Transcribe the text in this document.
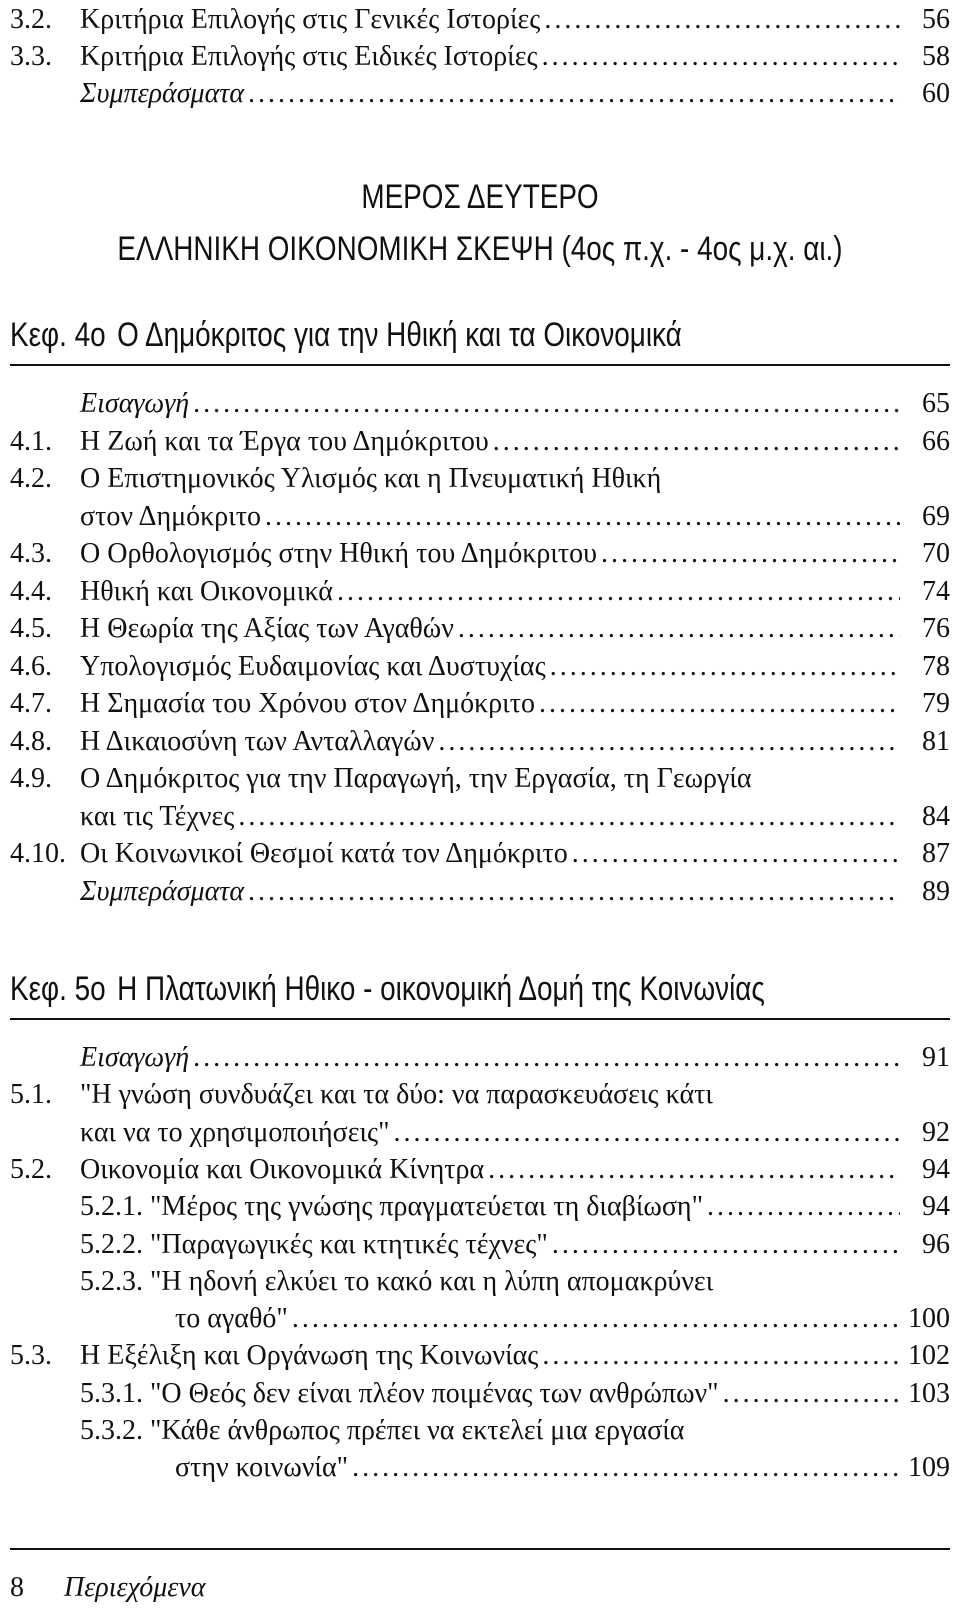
3.2. Κριτήρια Επιλογής στις Γενικές Ιστορίες . . .	56
3.3. Κριτήρια Επιλογής στις Ειδικές Ιστορίες . . .	58
Συμπεράσματα . . .	60
ΜΕΡΟΣ ΔΕΥΤΕΡΟ
ΕΛΛΗΝΙΚΗ ΟΙΚΟΝΟΜΙΚΗ ΣΚΕΨΗ (4ος π.χ. - 4ος μ.χ. αι.)
Κεφ. 4ο Ο Δημόκριτος για την Ηθική και τα Οικονομικά
Εισαγωγή . . .	65
4.1. Η Ζωή και τα Έργα του Δημόκριτου . . .	66
4.2. Ο Επιστημονικός Υλισμός και η Πνευματική Ηθική
στον Δημόκριτο . . .	69
4.3. Ο Ορθολογισμός στην Ηθική του Δημόκριτου . . .	70
4.4. Ηθική και Οικονομικά . . .	74
4.5. Η Θεωρία της Αξίας των Αγαθών . . .	76
4.6. Υπολογισμός Ευδαιμονίας και Δυστυχίας . . .	78
4.7. Η Σημασία του Χρόνου στον Δημόκριτο . . .	79
4.8. Η Δικαιοσύνη των Ανταλλαγών . . .	81
4.9. Ο Δημόκριτος για την Παραγωγή, την Εργασία, τη Γεωργία
και τις Τέχνες . . .	84
4.10. Οι Κοινωνικοί Θεσμοί κατά τον Δημόκριτο . . .	87
Συμπεράσματα . . .	89
Κεφ. 5ο Η Πλατωνική Ηθικο - οικονομική Δομή της Κοινωνίας
Εισαγωγή . . .	91
5.1. "Η γνώση συνδυάζει και τα δύο: να παρασκευάσεις κάτι
και να το χρησιμοποιήσεις" . . .	92
5.2. Οικονομία και Οικονομικά Κίνητρα . . .	94
5.2.1. "Μέρος της γνώσης πραγματεύεται τη διαβίωση" . . .	94
5.2.2. "Παραγωγικές και κτητικές τέχνες" . . .	96
5.2.3. "Η ηδονή ελκύει το κακό και η λύπη απομακρύνει
το αγαθό" . . .	100
5.3. Η Εξέλιξη και Οργάνωση της Κοινωνίας . . .	102
5.3.1. "Ο Θεός δεν είναι πλέον ποιμένας των ανθρώπων" . . .	103
5.3.2. "Κάθε άνθρωπος πρέπει να εκτελεί μια εργασία
στην κοινωνία" . . .	109
8 Περιεχόμενα
